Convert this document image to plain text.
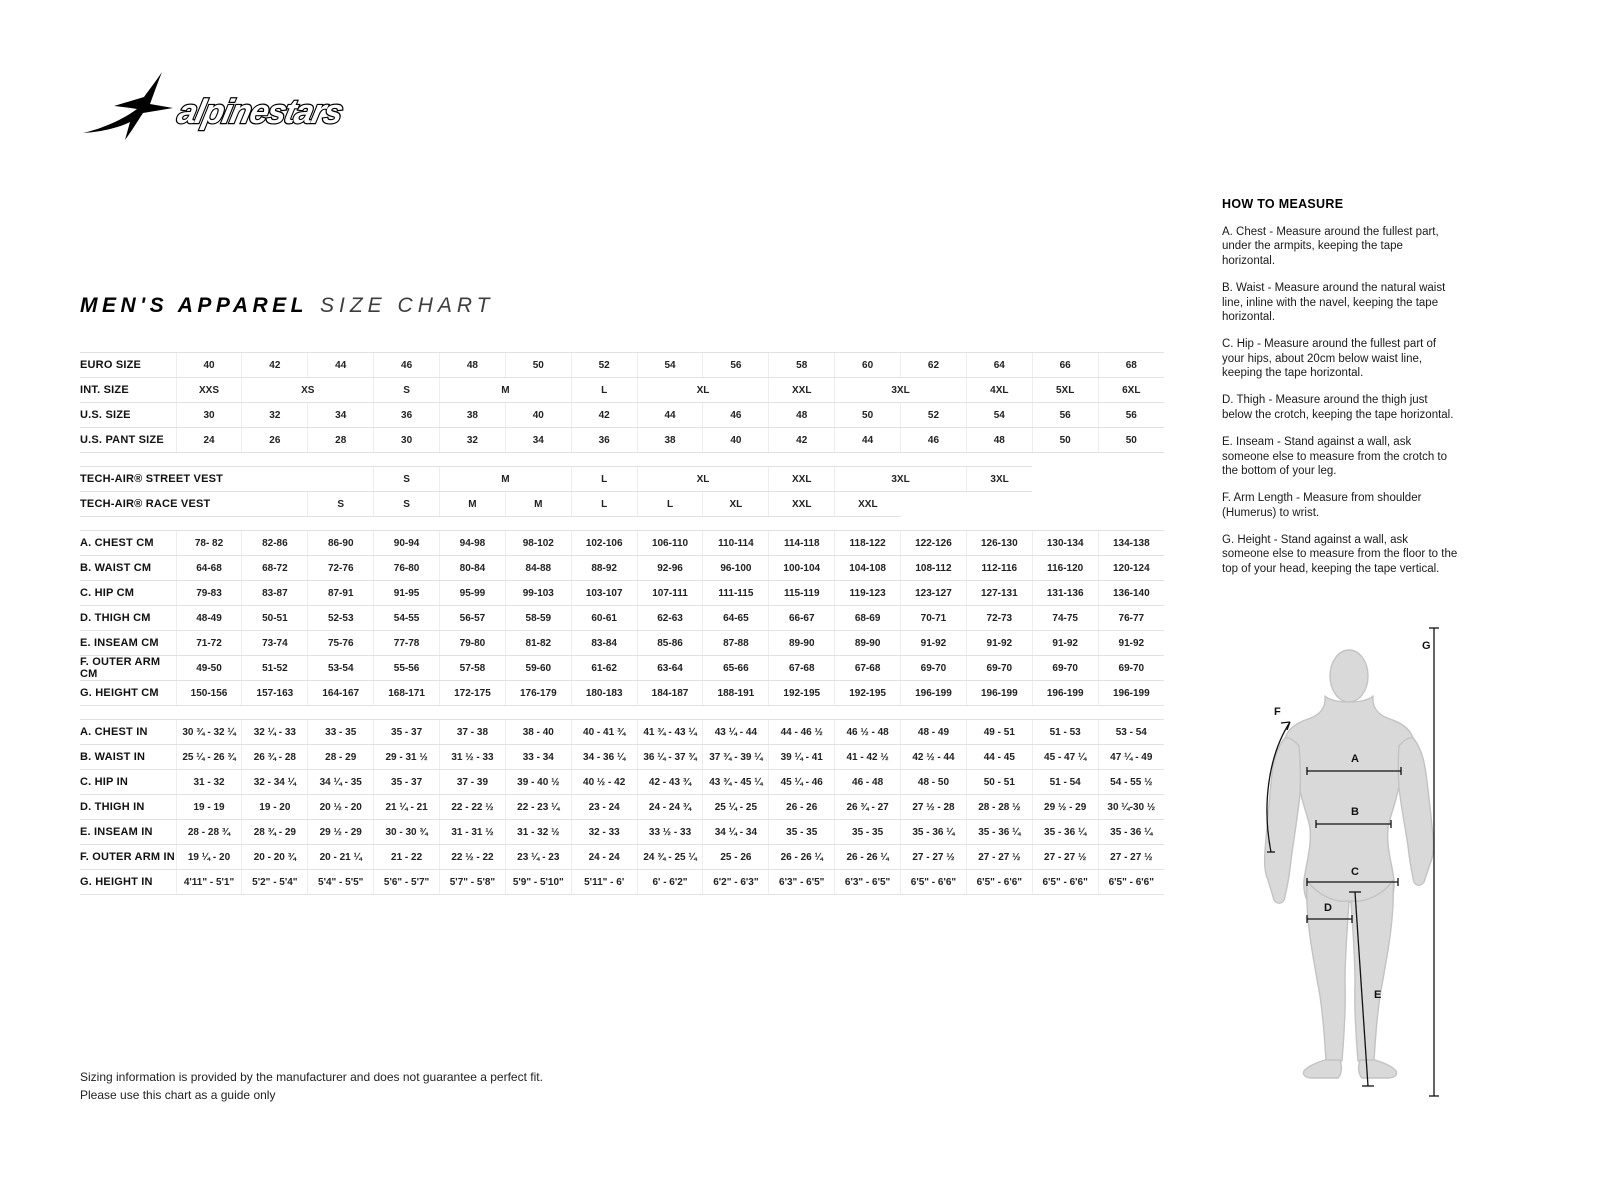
alpinestars
MEN'S APPAREL SIZE CHART
EURO SIZE	40	42	44	46	48	50	52	54	56	58	60	62	64	66	68
INT. SIZE	XXS	XS		S	M		L	XL		XXL	3XL		4XL	5XL	6XL
U.S. SIZE	30	32	34	36	38	40	42	44	46	48	50	52	54	56	56
U.S. PANT SIZE	24	26	28	30	32	34	36	38	40	42	44	46	48	50	50

TECH-AIR® STREET VEST				S	M		L	XL		XXL	3XL		3XL		
TECH-AIR® RACE VEST			S	S	M	M	L	L	XL	XXL	XXL				

A. CHEST CM	78- 82	82-86	86-90	90-94	94-98	98-102	102-106	106-110	110-114	114-118	118-122	122-126	126-130	130-134	134-138
B. WAIST CM	64-68	68-72	72-76	76-80	80-84	84-88	88-92	92-96	96-100	100-104	104-108	108-112	112-116	116-120	120-124
C. HIP CM	79-83	83-87	87-91	91-95	95-99	99-103	103-107	107-111	111-115	115-119	119-123	123-127	127-131	131-136	136-140
D. THIGH CM	48-49	50-51	52-53	54-55	56-57	58-59	60-61	62-63	64-65	66-67	68-69	70-71	72-73	74-75	76-77
E. INSEAM CM	71-72	73-74	75-76	77-78	79-80	81-82	83-84	85-86	87-88	89-90	89-90	91-92	91-92	91-92	91-92
F. OUTER ARM CM	49-50	51-52	53-54	55-56	57-58	59-60	61-62	63-64	65-66	67-68	67-68	69-70	69-70	69-70	69-70
G. HEIGHT CM	150-156	157-163	164-167	168-171	172-175	176-179	180-183	184-187	188-191	192-195	192-195	196-199	196-199	196-199	196-199

A. CHEST IN	30 ¾ - 32 ¼	32 ¼ - 33	33 - 35	35 - 37	37 - 38	38 - 40	40 - 41 ¾	41 ¾ - 43 ¼	43 ¼ - 44	44 - 46 ½	46 ½ - 48	48 - 49	49 - 51	51 - 53	53 - 54
B. WAIST IN	25 ¼ - 26 ¾	26 ¾ - 28	28 - 29	29 - 31 ½	31 ½ - 33	33 - 34	34 - 36 ¼	36 ¼ - 37 ¾	37 ¾ - 39 ¼	39 ¼ - 41	41 - 42 ½	42 ½ - 44	44 - 45	45 - 47 ¼	47 ¼ - 49
C. HIP IN	31 - 32	32 - 34 ¼	34 ¼ - 35	35 - 37	37 - 39	39 - 40 ½	40 ½ - 42	42 - 43 ¾	43 ¾ - 45 ¼	45 ¼ - 46	46 - 48	48 - 50	50 - 51	51 - 54	54 - 55 ½
D. THIGH IN	19 - 19	19 - 20	20 ½ - 20	21 ¼ - 21	22 - 22 ½	22 - 23 ¼	23 - 24	24 - 24 ¾	25 ¼ - 25	26 - 26	26 ¾ - 27	27 ½ - 28	28 - 28 ½	29 ½ - 29	30 ¼-30 ½
E. INSEAM IN	28 - 28 ¾	28 ¾ - 29	29 ½ - 29	30 - 30 ¾	31 - 31 ½	31 - 32 ½	32 - 33	33 ½ - 33	34 ¼ - 34	35 - 35	35 - 35	35 - 36 ¼	35 - 36 ¼	35 - 36 ¼	35 - 36 ¼
F. OUTER ARM IN	19 ¼ - 20	20 - 20 ¾	20 - 21 ¼	21 - 22	22 ½ - 22	23 ¼ - 23	24 - 24	24 ¾ - 25 ¼	25 - 26	26 - 26 ¼	26 - 26 ¼	27 - 27 ½	27 - 27 ½	27 - 27 ½	27 - 27 ½
G. HEIGHT IN	4'11" - 5'1"	5'2" - 5'4"	5'4" - 5'5"	5'6" - 5'7"	5'7" - 5'8"	5'9" - 5'10"	5'11" - 6'	6' - 6'2"	6'2" - 6'3"	6'3" - 6'5"	6'3" - 6'5"	6'5" - 6'6"	6'5" - 6'6"	6'5" - 6'6"	6'5" - 6'6"
HOW TO MEASURE

A. Chest - Measure around the fullest part, under the armpits, keeping the tape horizontal.

B. Waist - Measure around the natural waist line, inline with the navel, keeping the tape horizontal.

C. Hip - Measure around the fullest part of your hips, about 20cm below waist line, keeping the tape horizontal.

D. Thigh - Measure around the thigh just below the crotch, keeping the tape horizontal.

E. Inseam - Stand against a wall, ask someone else to measure from the crotch to the bottom of your leg.

F. Arm Length - Measure from shoulder (Humerus) to wrist.

G. Height - Stand against a wall, ask someone else to measure from the floor to the top of your head, keeping the tape vertical.

A
B
C
D
E
F
G
Sizing information is provided by the manufacturer and does not guarantee a perfect fit.
Please use this chart as a guide only
